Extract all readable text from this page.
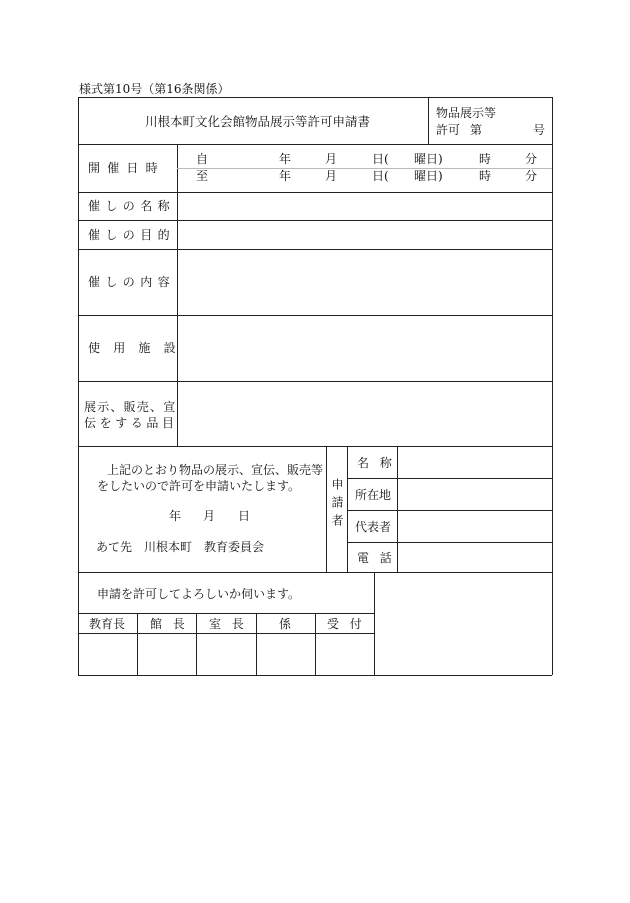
様式第10号（第16条関係）
川根本町文化会館物品展示等許可申請書
物品展示等
許可 第	号
開催日時
自	年	月	日( 曜日)	時	分
至	年	月	日( 曜日)	時	分
催しの名称
催しの目的
催しの内容
使用施設
展示、販売、宣
伝をする品目
上記のとおり物品の展示、宣伝、販売等
をしたいので許可を申請いたします。
年 月 日
あて先　川根本町　教育委員会
申請者
名称
所在地
代表者
電話
申請を許可してよろしいか伺います。
教育長 館長 室長 係	受付
